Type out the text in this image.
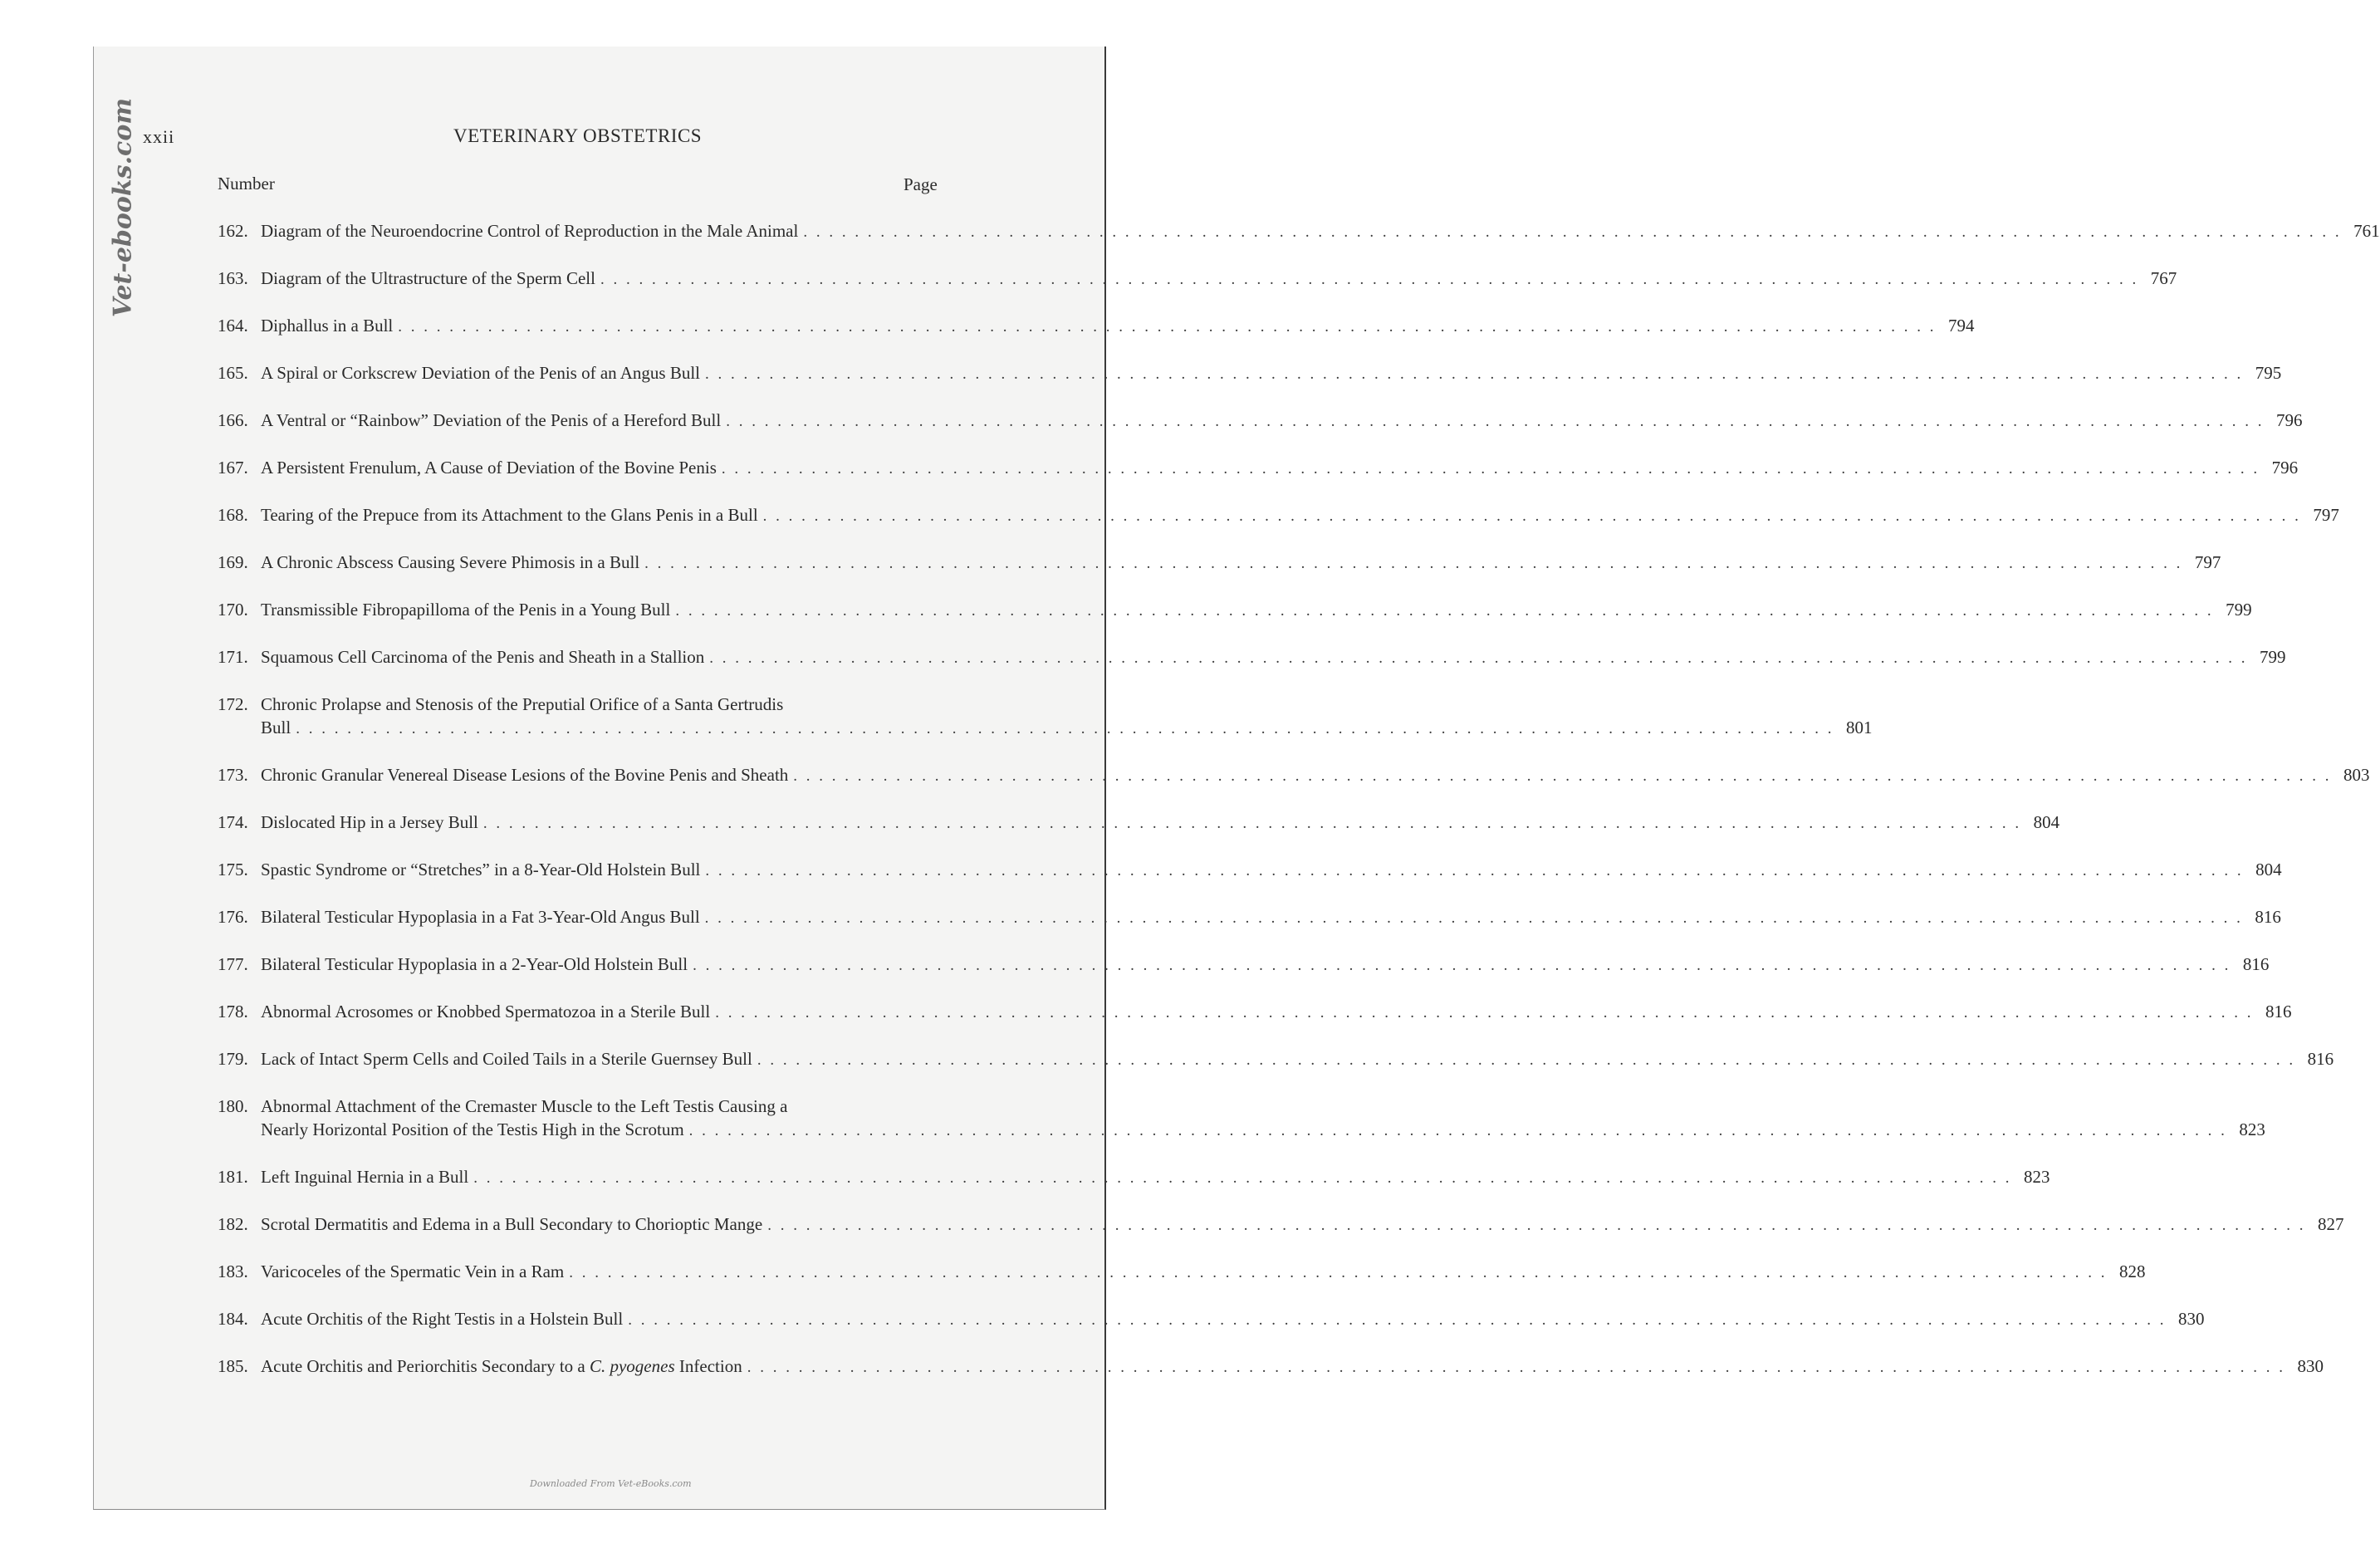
Vet-ebooks.com xxii	VETERINARY OBSTETRICS
Number	Page
162. Diagram of the Neuroendocrine Control of Reproduction in the Male Animal . . . . . . . . . . . . . . . . . . . . . . . . . . . . . . . . . . . . . . . . . . . . . . . . . . . . . . . . . . . . . . . . . . . . . . . . . . . . . . . . . . . . . . . . . . . . . . . . . . . . . . . . . . . . . . . . . . . . . . . . 761
163. Diagram of the Ultrastructure of the Sperm Cell . . . . . . . . . . . . . . . . . . . . . . . . . . . . . . . . . . . . . . . . . . . . . . . . . . . . . . . . . . . . . . . . . . . . . . . . . . . . . . . . . . . . . . . . . . . . . . . . . . . . . . . . . . . . . . . . . . . . . . . . 767
164. Diphallus in a Bull . . . . . . . . . . . . . . . . . . . . . . . . . . . . . . . . . . . . . . . . . . . . . . . . . . . . . . . . . . . . . . . . . . . . . . . . . . . . . . . . . . . . . . . . . . . . . . . . . . . . . . . . . . . . . . . . . . . . . . . . 794
165. A Spiral or Corkscrew Deviation of the Penis of an Angus Bull . . . . . . . . . . . . . . . . . . . . . . . . . . . . . . . . . . . . . . . . . . . . . . . . . . . . . . . . . . . . . . . . . . . . . . . . . . . . . . . . . . . . . . . . . . . . . . . . . . . . . . . . . . . . . . . . . . . . . . . . 795
166. A Ventral or “Rainbow” Deviation of the Penis of a Hereford Bull . . . . . . . . . . . . . . . . . . . . . . . . . . . . . . . . . . . . . . . . . . . . . . . . . . . . . . . . . . . . . . . . . . . . . . . . . . . . . . . . . . . . . . . . . . . . . . . . . . . . . . . . . . . . . . . . . . . . . . . . 796
167. A Persistent Frenulum, A Cause of Deviation of the Bovine Penis . . . . . . . . . . . . . . . . . . . . . . . . . . . . . . . . . . . . . . . . . . . . . . . . . . . . . . . . . . . . . . . . . . . . . . . . . . . . . . . . . . . . . . . . . . . . . . . . . . . . . . . . . . . . . . . . . . . . . . . . 796
168. Tearing of the Prepuce from its Attachment to the Glans Penis in a Bull . . . . . . . . . . . . . . . . . . . . . . . . . . . . . . . . . . . . . . . . . . . . . . . . . . . . . . . . . . . . . . . . . . . . . . . . . . . . . . . . . . . . . . . . . . . . . . . . . . . . . . . . . . . . . . . . . . . . . . . . 797
169. A Chronic Abscess Causing Severe Phimosis in a Bull . . . . . . . . . . . . . . . . . . . . . . . . . . . . . . . . . . . . . . . . . . . . . . . . . . . . . . . . . . . . . . . . . . . . . . . . . . . . . . . . . . . . . . . . . . . . . . . . . . . . . . . . . . . . . . . . . . . . . . . . 797
170. Transmissible Fibropapilloma of the Penis in a Young Bull . . . . . . . . . . . . . . . . . . . . . . . . . . . . . . . . . . . . . . . . . . . . . . . . . . . . . . . . . . . . . . . . . . . . . . . . . . . . . . . . . . . . . . . . . . . . . . . . . . . . . . . . . . . . . . . . . . . . . . . . 799
171. Squamous Cell Carcinoma of the Penis and Sheath in a Stallion . . . . . . . . . . . . . . . . . . . . . . . . . . . . . . . . . . . . . . . . . . . . . . . . . . . . . . . . . . . . . . . . . . . . . . . . . . . . . . . . . . . . . . . . . . . . . . . . . . . . . . . . . . . . . . . . . . . . . . . . 799
172. Chronic Prolapse and Stenosis of the Preputial Orifice of a Santa Gertrudis
Bull . . . . . . . . . . . . . . . . . . . . . . . . . . . . . . . . . . . . . . . . . . . . . . . . . . . . . . . . . . . . . . . . . . . . . . . . . . . . . . . . . . . . . . . . . . . . . . . . . . . . . . . . . . . . . . . . . . . . . . . . 801
173. Chronic Granular Venereal Disease Lesions of the Bovine Penis and Sheath . . . . . . . . . . . . . . . . . . . . . . . . . . . . . . . . . . . . . . . . . . . . . . . . . . . . . . . . . . . . . . . . . . . . . . . . . . . . . . . . . . . . . . . . . . . . . . . . . . . . . . . . . . . . . . . . . . . . . . . . 803
174. Dislocated Hip in a Jersey Bull . . . . . . . . . . . . . . . . . . . . . . . . . . . . . . . . . . . . . . . . . . . . . . . . . . . . . . . . . . . . . . . . . . . . . . . . . . . . . . . . . . . . . . . . . . . . . . . . . . . . . . . . . . . . . . . . . . . . . . . . 804
175. Spastic Syndrome or “Stretches” in a 8-Year-Old Holstein Bull . . . . . . . . . . . . . . . . . . . . . . . . . . . . . . . . . . . . . . . . . . . . . . . . . . . . . . . . . . . . . . . . . . . . . . . . . . . . . . . . . . . . . . . . . . . . . . . . . . . . . . . . . . . . . . . . . . . . . . . . 804
176. Bilateral Testicular Hypoplasia in a Fat 3-Year-Old Angus Bull . . . . . . . . . . . . . . . . . . . . . . . . . . . . . . . . . . . . . . . . . . . . . . . . . . . . . . . . . . . . . . . . . . . . . . . . . . . . . . . . . . . . . . . . . . . . . . . . . . . . . . . . . . . . . . . . . . . . . . . . 816
177. Bilateral Testicular Hypoplasia in a 2-Year-Old Holstein Bull . . . . . . . . . . . . . . . . . . . . . . . . . . . . . . . . . . . . . . . . . . . . . . . . . . . . . . . . . . . . . . . . . . . . . . . . . . . . . . . . . . . . . . . . . . . . . . . . . . . . . . . . . . . . . . . . . . . . . . . . 816
178. Abnormal Acrosomes or Knobbed Spermatozoa in a Sterile Bull . . . . . . . . . . . . . . . . . . . . . . . . . . . . . . . . . . . . . . . . . . . . . . . . . . . . . . . . . . . . . . . . . . . . . . . . . . . . . . . . . . . . . . . . . . . . . . . . . . . . . . . . . . . . . . . . . . . . . . . . 816
179. Lack of Intact Sperm Cells and Coiled Tails in a Sterile Guernsey Bull . . . . . . . . . . . . . . . . . . . . . . . . . . . . . . . . . . . . . . . . . . . . . . . . . . . . . . . . . . . . . . . . . . . . . . . . . . . . . . . . . . . . . . . . . . . . . . . . . . . . . . . . . . . . . . . . . . . . . . . . 816
180. Abnormal Attachment of the Cremaster Muscle to the Left Testis Causing a
Nearly Horizontal Position of the Testis High in the Scrotum . . . . . . . . . . . . . . . . . . . . . . . . . . . . . . . . . . . . . . . . . . . . . . . . . . . . . . . . . . . . . . . . . . . . . . . . . . . . . . . . . . . . . . . . . . . . . . . . . . . . . . . . . . . . . . . . . . . . . . . . 823
181. Left Inguinal Hernia in a Bull . . . . . . . . . . . . . . . . . . . . . . . . . . . . . . . . . . . . . . . . . . . . . . . . . . . . . . . . . . . . . . . . . . . . . . . . . . . . . . . . . . . . . . . . . . . . . . . . . . . . . . . . . . . . . . . . . . . . . . . . 823
182. Scrotal Dermatitis and Edema in a Bull Secondary to Chorioptic Mange . . . . . . . . . . . . . . . . . . . . . . . . . . . . . . . . . . . . . . . . . . . . . . . . . . . . . . . . . . . . . . . . . . . . . . . . . . . . . . . . . . . . . . . . . . . . . . . . . . . . . . . . . . . . . . . . . . . . . . . . 827
183. Varicoceles of the Spermatic Vein in a Ram . . . . . . . . . . . . . . . . . . . . . . . . . . . . . . . . . . . . . . . . . . . . . . . . . . . . . . . . . . . . . . . . . . . . . . . . . . . . . . . . . . . . . . . . . . . . . . . . . . . . . . . . . . . . . . . . . . . . . . . . 828
184. Acute Orchitis of the Right Testis in a Holstein Bull . . . . . . . . . . . . . . . . . . . . . . . . . . . . . . . . . . . . . . . . . . . . . . . . . . . . . . . . . . . . . . . . . . . . . . . . . . . . . . . . . . . . . . . . . . . . . . . . . . . . . . . . . . . . . . . . . . . . . . . . 830
185. Acute Orchitis and Periorchitis Secondary to a C. pyogenes Infection . . . . . . . . . . . . . . . . . . . . . . . . . . . . . . . . . . . . . . . . . . . . . . . . . . . . . . . . . . . . . . . . . . . . . . . . . . . . . . . . . . . . . . . . . . . . . . . . . . . . . . . . . . . . . . . . . . . . . . . . 830
Downloaded From Vet-eBooks.com
